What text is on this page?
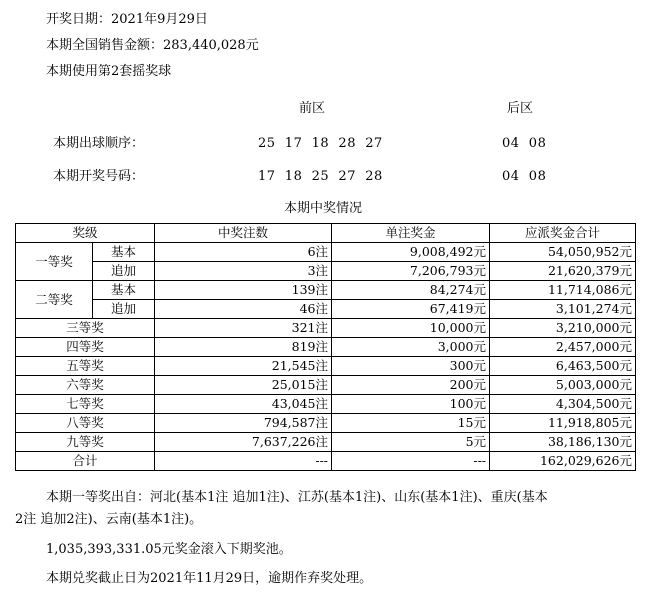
开奖日期：2021年9月29日
本期全国销售金额：283,440,028元
本期使用第2套摇奖球
前区	后区
本期出球顺序：	25  17  18  28  27	04  08
本期开奖号码：	17  18  25  27  28	04  08
本期中奖情况
奖级		中奖注数	单注奖金	应派奖金合计
一等奖	基本	6注	9,008,492元	54,050,952元
	追加	3注	7,206,793元	21,620,379元
二等奖	基本	139注	84,274元	11,714,086元
	追加	46注	67,419元	3,101,274元
三等奖		321注	10,000元	3,210,000元
四等奖		819注	3,000元	2,457,000元
五等奖		21,545注	300元	6,463,500元
六等奖		25,015注	200元	5,003,000元
七等奖		43,045注	100元	4,304,500元
八等奖		794,587注	15元	11,918,805元
九等奖		7,637,226注	5元	38,186,130元
合计		---	---	162,029,626元
本期一等奖出自：河北(基本1注 追加1注)、江苏(基本1注)、山东(基本1注)、重庆(基本
2注 追加2注)、云南(基本1注)。
1,035,393,331.05元奖金滚入下期奖池。
本期兑奖截止日为2021年11月29日，逾期作弃奖处理。
